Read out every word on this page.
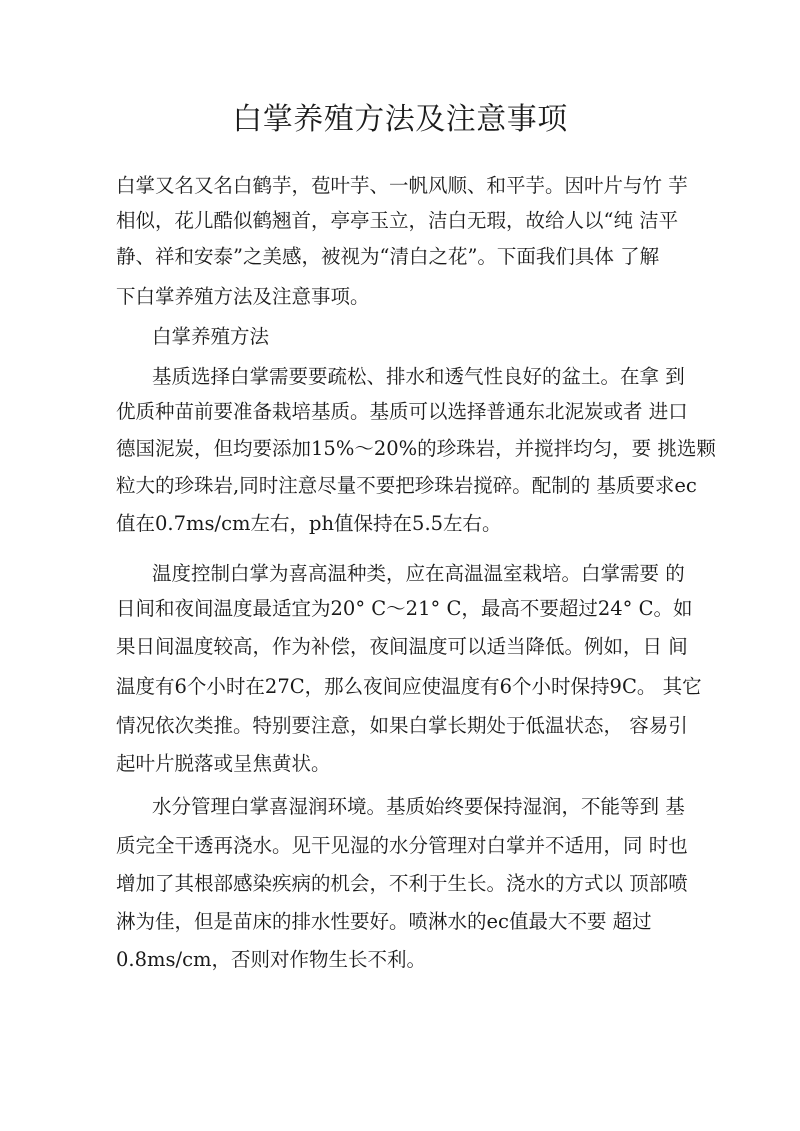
白掌养殖方法及注意事项

白掌又名又名白鹤芋，苞叶芋、一帆风顺、和平芋。因叶片与竹 芋

相似，花儿酷似鹤翘首，亭亭玉立，洁白无瑕，故给人以“纯 洁平

静、祥和安泰”之美感，被视为“清白之花”。下面我们具体 了解

下白掌养殖方法及注意事项。

白掌养殖方法

基质选择白掌需要要疏松、排水和透气性良好的盆土。在拿 到

优质种苗前要准备栽培基质。基质可以选择普通东北泥炭或者 进口

德国泥炭，但均要添加15%～20%的珍珠岩，并搅拌均匀，要 挑选颗

粒大的珍珠岩,同时注意尽量不要把珍珠岩搅碎。配制的 基质要求ec

值在0.7ms/cm左右，ph值保持在5.5左右。

温度控制白掌为喜高温种类，应在高温温室栽培。白掌需要 的

日间和夜间温度最适宜为20° C～21° C，最高不要超过24° C。如

果日间温度较高，作为补偿，夜间温度可以适当降低。例如，日 间

温度有6个小时在27C，那么夜间应使温度有6个小时保持9C。 其它

情况依次类推。特别要注意，如果白掌长期处于低温状态， 容易引

起叶片脱落或呈焦黄状。

水分管理白掌喜湿润环境。基质始终要保持湿润，不能等到 基

质完全干透再浇水。见干见湿的水分管理对白掌并不适用，同 时也

增加了其根部感染疾病的机会，不利于生长。浇水的方式以 顶部喷

淋为佳，但是苗床的排水性要好。喷淋水的ec值最大不要 超过

0.8ms/cm，否则对作物生长不利。
